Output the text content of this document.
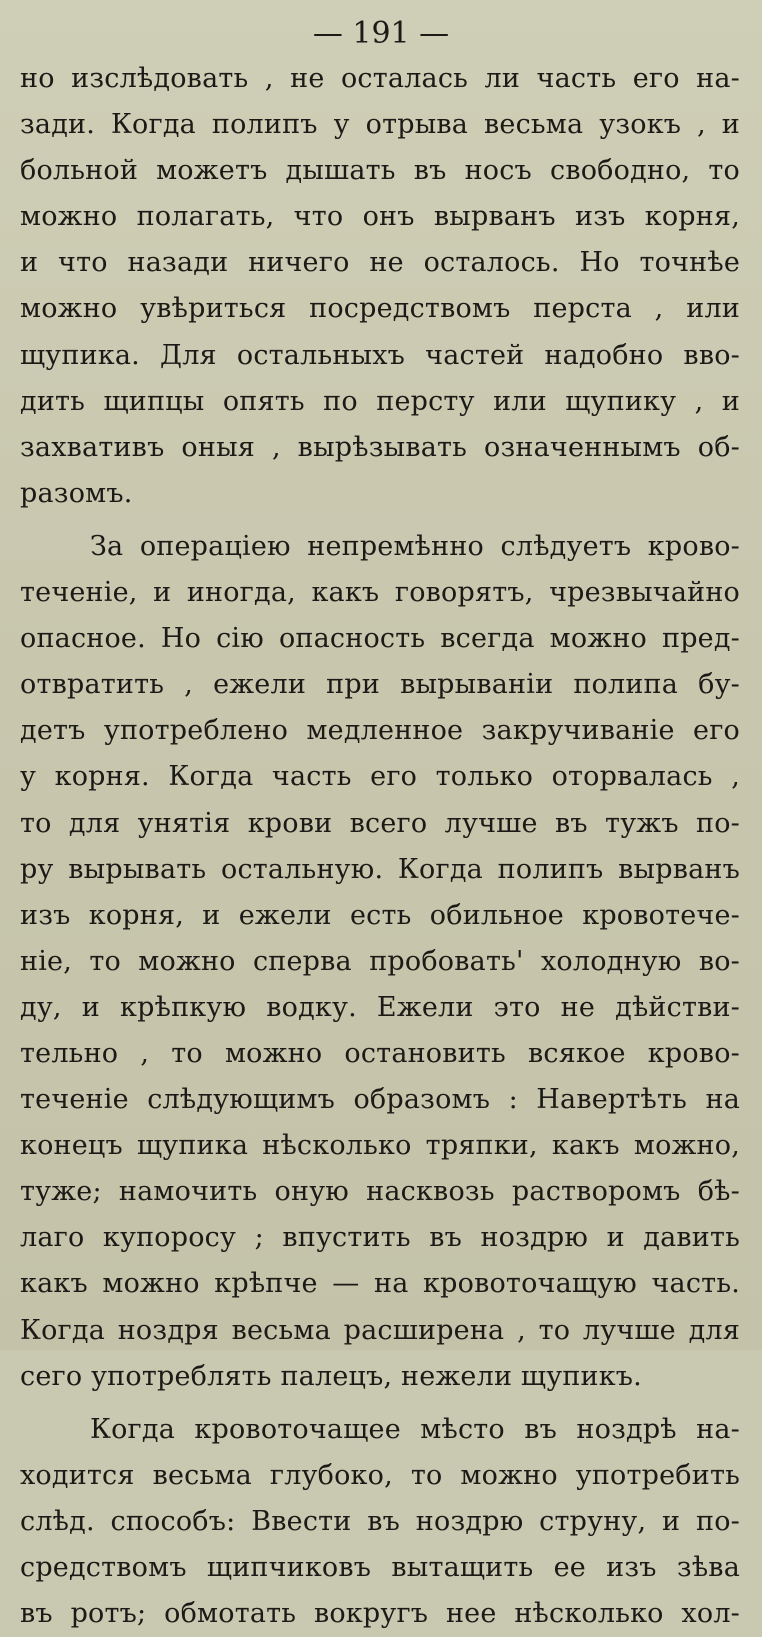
— 191 —
но изслѣдовать , не осталась ли часть его на-
зади. Когда полипъ у отрыва весьма узокъ , и
больной можетъ дышать въ носъ свободно, то
можно полагать, что онъ вырванъ изъ корня,
и что назади ничего не осталось. Но точнѣе
можно увѣриться посредствомъ перста , или
щупика. Для остальныхъ частей надобно вво-
дить щипцы опять по персту или щупику , и
захвативъ оныя , вырѣзывать означеннымъ об-
разомъ.
За операціею непремѣнно слѣдуетъ крово-
теченіе, и иногда, какъ говорятъ, чрезвычайно
опасное. Но сію опасность всегда можно пред-
отвратить , ежели при вырываніи полипа бу-
детъ употреблено медленное закручиваніе его
у корня. Когда часть его только оторвалась ,
то для унятія крови всего лучше въ тужъ по-
ру вырывать остальную. Когда полипъ вырванъ
изъ корня, и ежели есть обильное кровотече-
ніе, то можно сперва пробовать' холодную во-
ду, и крѣпкую водку. Ежели это не дѣйстви-
тельно , то можно остановить всякое крово-
теченіе слѣдующимъ образомъ : Навертѣть на
конецъ щупика нѣсколько тряпки, какъ можно,
туже; намочить оную насквозь растворомъ бѣ-
лаго купоросу ; впустить въ ноздрю и давить
какъ можно крѣпче — на кровоточащую часть.
Когда ноздря весьма расширена , то лучше для
сего употреблять палецъ, нежели щупикъ.
Когда кровоточащее мѣсто въ ноздрѣ на-
ходится весьма глубоко, то можно употребить
слѣд. способъ: Ввести въ ноздрю струну, и по-
средствомъ щипчиковъ вытащить ее изъ зѣва
въ ротъ; обмотать вокругъ нее нѣсколько хол-
